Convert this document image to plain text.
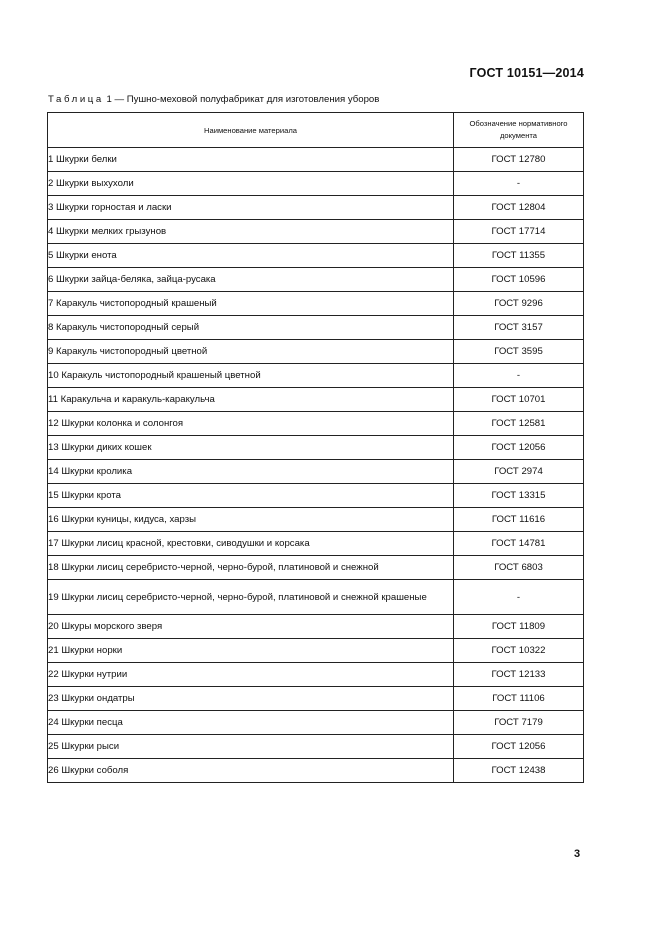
ГОСТ 10151—2014
Таблица 1 — Пушно-меховой полуфабрикат для изготовления уборов
Наименование материала	Обозначение нормативного документа
1 Шкурки белки	ГОСТ 12780
2 Шкурки выхухоли	-
3 Шкурки горностая и ласки	ГОСТ 12804
4 Шкурки мелких грызунов	ГОСТ 17714
5 Шкурки енота	ГОСТ 11355
6 Шкурки зайца-беляка, зайца-русака	ГОСТ 10596
7 Каракуль чистопородный крашеный	ГОСТ 9296
8 Каракуль чистопородный серый	ГОСТ 3157
9 Каракуль чистопородный цветной	ГОСТ 3595
10 Каракуль чистопородный крашеный цветной	-
11 Каракульча и каракуль-каракульча	ГОСТ 10701
12 Шкурки колонка и солонгоя	ГОСТ 12581
13 Шкурки диких кошек	ГОСТ 12056
14 Шкурки кролика	ГОСТ 2974
15 Шкурки крота	ГОСТ 13315
16 Шкурки куницы, кидуса, харзы	ГОСТ 11616
17 Шкурки лисиц красной, крестовки, сиводушки и корсака	ГОСТ 14781
18 Шкурки лисиц серебристо-черной, черно-бурой, платиновой и снежной	ГОСТ 6803
19 Шкурки лисиц серебристо-черной, черно-бурой, платиновой и снежной крашеные	-
20 Шкуры морского зверя	ГОСТ 11809
21 Шкурки норки	ГОСТ 10322
22 Шкурки нутрии	ГОСТ 12133
23 Шкурки ондатры	ГОСТ 11106
24 Шкурки песца	ГОСТ 7179
25 Шкурки рыси	ГОСТ 12056
26 Шкурки соболя	ГОСТ 12438
3
